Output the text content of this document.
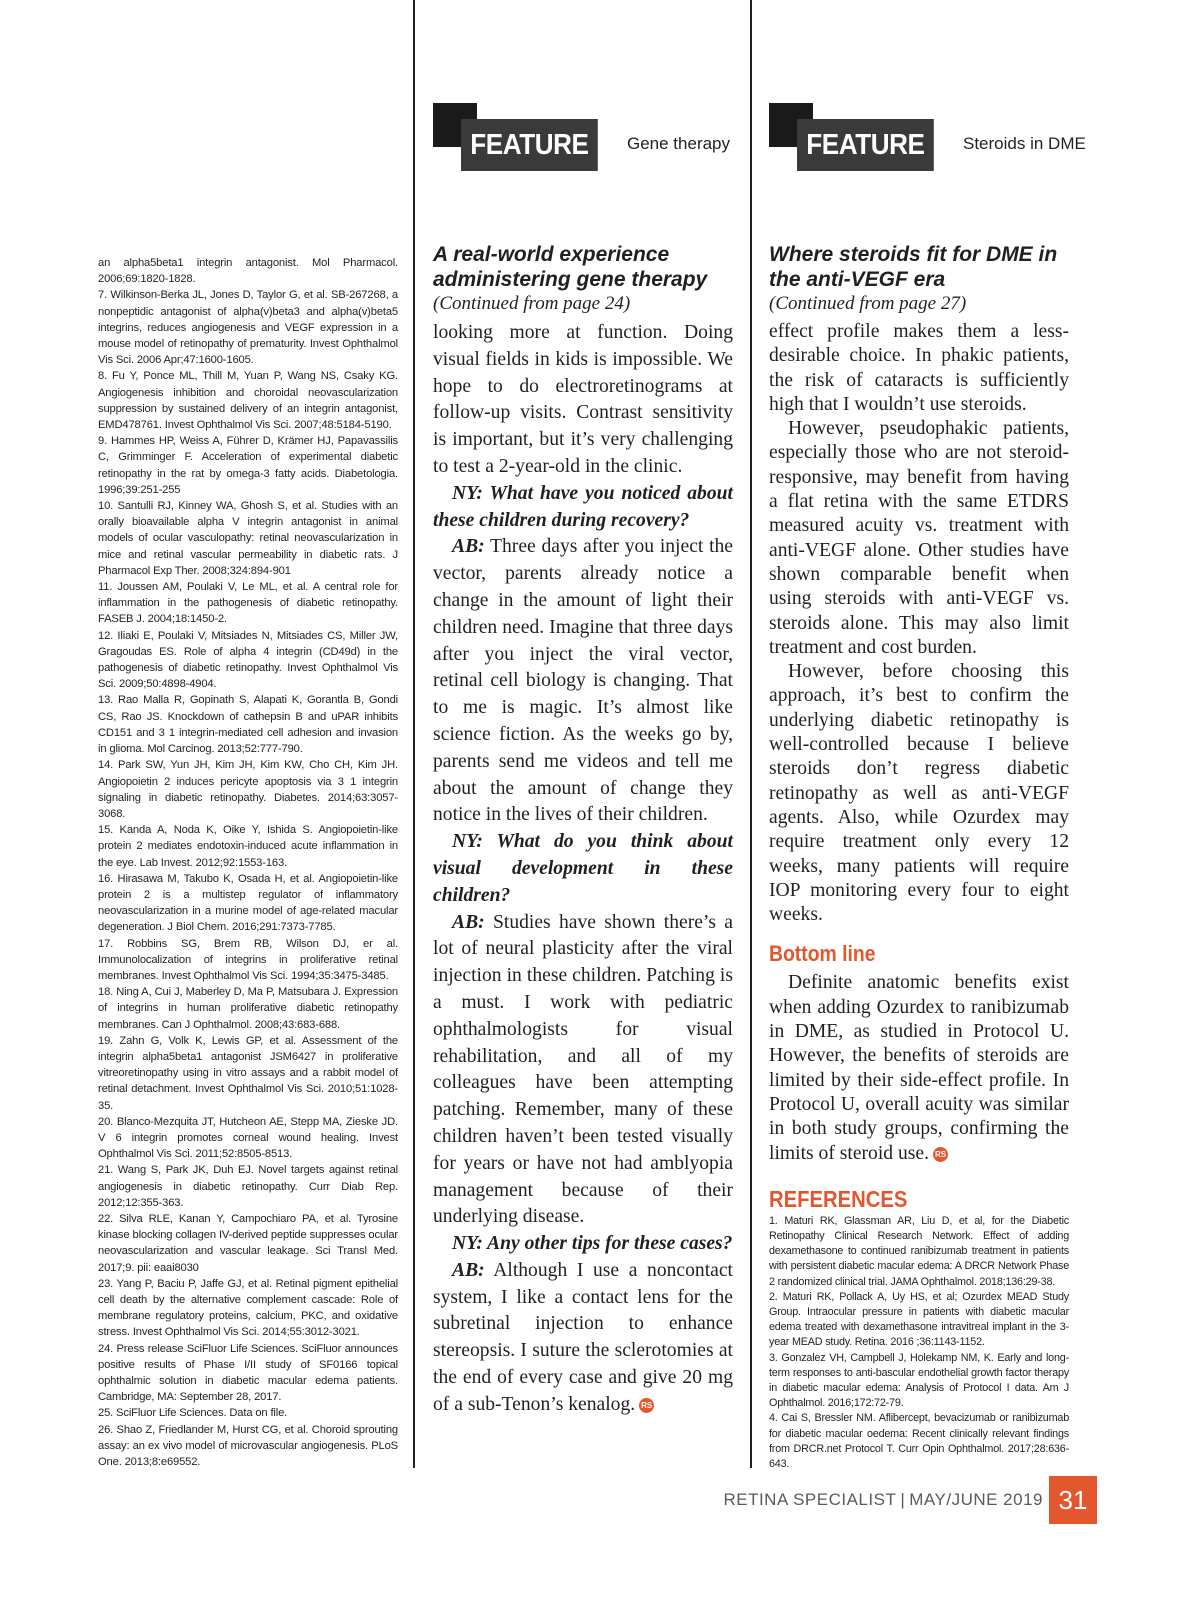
FEATURE	Gene therapy	FEATURE	Steroids in DME

an alpha5beta1 integrin antagonist. Mol Pharmacol. 2006;69:1820-1828.

7. Wilkinson-Berka JL, Jones D, Taylor G, et al. SB-267268, a nonpeptidic antagonist of alpha(v)beta3 and alpha(v)beta5 integrins, reduces angiogenesis and VEGF expression in a mouse model of retinopathy of prematurity. Invest Ophthalmol Vis Sci. 2006 Apr;47:1600-1605.

8. Fu Y, Ponce ML, Thill M, Yuan P, Wang NS, Csaky KG. Angiogenesis inhibition and choroidal neovascularization suppression by sustained delivery of an integrin antagonist, EMD478761. Invest Ophthalmol Vis Sci. 2007;48:5184-5190.

9. Hammes HP, Weiss A, Führer D, Krämer HJ, Papavassilis C, Grimminger F. Acceleration of experimental diabetic retinopathy in the rat by omega-3 fatty acids. Diabetologia. 1996;39:251-255

10. Santulli RJ, Kinney WA, Ghosh S, et al. Studies with an orally bioavailable alpha V integrin antagonist in animal models of ocular vasculopathy: retinal neovascularization in mice and retinal vascular permeability in diabetic rats. J Pharmacol Exp Ther. 2008;324:894-901

11. Joussen AM, Poulaki V, Le ML, et al. A central role for inflammation in the pathogenesis of diabetic retinopathy. FASEB J. 2004;18:1450-2.

12. Iliaki E, Poulaki V, Mitsiades N, Mitsiades CS, Miller JW, Gragoudas ES. Role of alpha 4 integrin (CD49d) in the pathogenesis of diabetic retinopathy. Invest Ophthalmol Vis Sci. 2009;50:4898-4904.

13. Rao Malla R, Gopinath S, Alapati K, Gorantla B, Gondi CS, Rao JS. Knockdown of cathepsin B and uPAR inhibits CD151 and 3 1 integrin-mediated cell adhesion and invasion in glioma. Mol Carcinog. 2013;52:777-790.

14. Park SW, Yun JH, Kim JH, Kim KW, Cho CH, Kim JH. Angiopoietin 2 induces pericyte apoptosis via 3 1 integrin signaling in diabetic retinopathy. Diabetes. 2014;63:3057-3068.

15. Kanda A, Noda K, Oike Y, Ishida S. Angiopoietin-like protein 2 mediates endotoxin-induced acute inflammation in the eye. Lab Invest. 2012;92:1553-163.

16. Hirasawa M, Takubo K, Osada H, et al. Angiopoietin-like protein 2 is a multistep regulator of inflammatory neovascularization in a murine model of age-related macular degeneration. J Biol Chem. 2016;291:7373-7785.

17. Robbins SG, Brem RB, Wilson DJ, er al. Immunolocalization of integrins in proliferative retinal membranes. Invest Ophthalmol Vis Sci. 1994;35:3475-3485.

18. Ning A, Cui J, Maberley D, Ma P, Matsubara J. Expression of integrins in human proliferative diabetic retinopathy membranes. Can J Ophthalmol. 2008;43:683-688.

19. Zahn G, Volk K, Lewis GP, et al. Assessment of the integrin alpha5beta1 antagonist JSM6427 in proliferative vitreoretinopathy using in vitro assays and a rabbit model of retinal detachment. Invest Ophthalmol Vis Sci. 2010;51:1028-35.

20. Blanco-Mezquita JT, Hutcheon AE, Stepp MA, Zieske JD. V 6 integrin promotes corneal wound healing. Invest Ophthalmol Vis Sci. 2011;52:8505-8513.

21. Wang S, Park JK, Duh EJ. Novel targets against retinal angiogenesis in diabetic retinopathy. Curr Diab Rep. 2012;12:355-363.

22. Silva RLE, Kanan Y, Campochiaro PA, et al. Tyrosine kinase blocking collagen IV-derived peptide suppresses ocular neovascularization and vascular leakage. Sci Transl Med. 2017;9. pii: eaai8030

23. Yang P, Baciu P, Jaffe GJ, et al. Retinal pigment epithelial cell death by the alternative complement cascade: Role of membrane regulatory proteins, calcium, PKC, and oxidative stress. Invest Ophthalmol Vis Sci. 2014;55:3012-3021.

24. Press release SciFluor Life Sciences. SciFluor announces positive results of Phase I/II study of SF0166 topical ophthalmic solution in diabetic macular edema patients. Cambridge, MA: September 28, 2017.

25. SciFluor Life Sciences. Data on file.

26. Shao Z, Friedlander M, Hurst CG, et al. Choroid sprouting assay: an ex vivo model of microvascular angiogenesis. PLoS One. 2013;8:e69552.

A real-world experience administering gene therapy

(Continued from page 24)

looking more at function. Doing visual fields in kids is impossible. We hope to do electroretinograms at follow-up visits. Contrast sensitivity is important, but it’s very challenging to test a 2-year-old in the clinic.

NY: What have you noticed about these children during recovery?

AB: Three days after you inject the vector, parents already notice a change in the amount of light their children need. Imagine that three days after you inject the viral vector, retinal cell biology is changing. That to me is magic. It’s almost like science fiction. As the weeks go by, parents send me videos and tell me about the amount of change they notice in the lives of their children.

NY: What do you think about visual development in these children?

AB: Studies have shown there’s a lot of neural plasticity after the viral injection in these children. Patching is a must. I work with pediatric ophthalmologists for visual rehabilitation, and all of my colleagues have been attempting patching. Remember, many of these children haven’t been tested visually for years or have not had amblyopia management because of their underlying disease.

NY: Any other tips for these cases?

AB: Although I use a noncontact system, I like a contact lens for the subretinal injection to enhance stereopsis. I suture the sclerotomies at the end of every case and give 20 mg of a sub-Tenon’s kenalog. RS

Where steroids fit for DME in the anti-VEGF era

(Continued from page 27)

effect profile makes them a less-desirable choice. In phakic patients, the risk of cataracts is sufficiently high that I wouldn’t use steroids.

However, pseudophakic patients, especially those who are not steroid-responsive, may benefit from having a flat retina with the same ETDRS measured acuity vs. treatment with anti-VEGF alone. Other studies have shown comparable benefit when using steroids with anti-VEGF vs. steroids alone. This may also limit treatment and cost burden.

However, before choosing this approach, it’s best to confirm the underlying diabetic retinopathy is well-controlled because I believe steroids don’t regress diabetic retinopathy as well as anti-VEGF agents. Also, while Ozurdex may require treatment only every 12 weeks, many patients will require IOP monitoring every four to eight weeks.

Bottom line

Definite anatomic benefits exist when adding Ozurdex to ranibizumab in DME, as studied in Protocol U. However, the benefits of steroids are limited by their side-effect profile. In Protocol U, overall acuity was similar in both study groups, confirming the limits of steroid use. RS

REFERENCES

1. Maturi RK, Glassman AR, Liu D, et al, for the Diabetic Retinopathy Clinical Research Network. Effect of adding dexamethasone to continued ranibizumab treatment in patients with persistent diabetic macular edema: A DRCR Network Phase 2 randomized clinical trial. JAMA Ophthalmol. 2018;136:29-38.

2. Maturi RK, Pollack A, Uy HS, et al; Ozurdex MEAD Study Group. Intraocular pressure in patients with diabetic macular edema treated with dexamethasone intravitreal implant in the 3-year MEAD study. Retina. 2016 ;36:1143-1152.

3. Gonzalez VH, Campbell J, Holekamp NM, K. Early and long-term responses to anti-bascular endothelial growth factor therapy in diabetic macular edema: Analysis of Protocol I data. Am J Ophthalmol. 2016;172:72-79.

4. Cai S, Bressler NM. Aflibercept, bevacizumab or ranibizumab for diabetic macular oedema: Recent clinically relevant findings from DRCR.net Protocol T. Curr Opin Ophthalmol. 2017;28:636-643.

RETINA SPECIALIST | MAY/JUNE 2019 31
